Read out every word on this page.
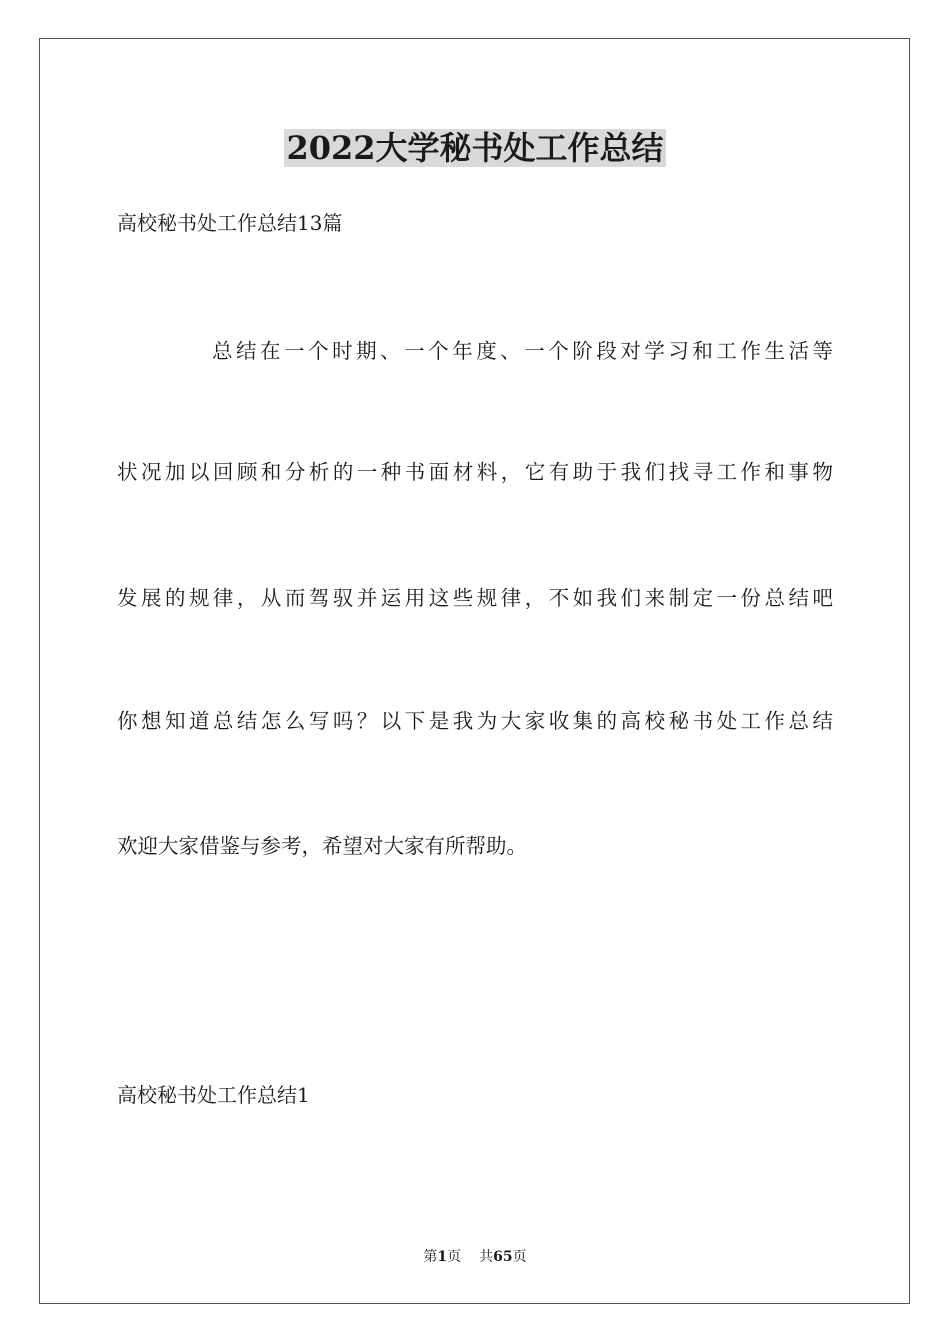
2022大学秘书处工作总结
高校秘书处工作总结13篇
总结在一个时期、一个年度、一个阶段对学习和工作生活等
状况加以回顾和分析的一种书面材料，它有助于我们找寻工作和事物
发展的规律，从而驾驭并运用这些规律，不如我们来制定一份总结吧
你想知道总结怎么写吗？以下是我为大家收集的高校秘书处工作总结
欢迎大家借鉴与参考，希望对大家有所帮助。
高校秘书处工作总结1
第1页 共65页
